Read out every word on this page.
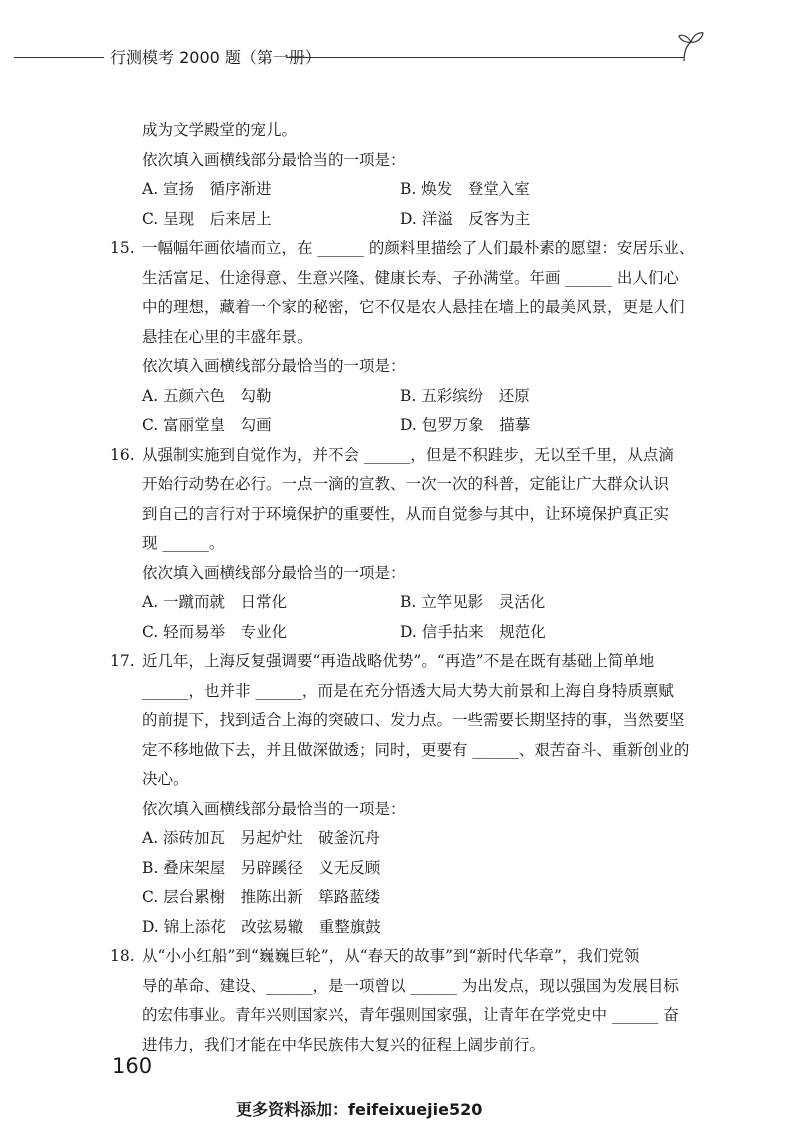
行测模考 2000 题（第一册）
成为文学殿堂的宠儿。
依次填入画横线部分最恰当的一项是：
A. 宣扬　循序渐进	B. 焕发　登堂入室
C. 呈现　后来居上	D. 洋溢　反客为主
15. 一幅幅年画依墙而立，在 ______ 的颜料里描绘了人们最朴素的愿望：安居乐业、
生活富足、仕途得意、生意兴隆、健康长寿、子孙满堂。年画 ______ 出人们心
中的理想，藏着一个家的秘密，它不仅是农人悬挂在墙上的最美风景，更是人们
悬挂在心里的丰盛年景。
依次填入画横线部分最恰当的一项是：
A. 五颜六色　勾勒	B. 五彩缤纷　还原
C. 富丽堂皇　勾画	D. 包罗万象　描摹
16. 从强制实施到自觉作为，并不会 ______，但是不积跬步，无以至千里，从点滴
开始行动势在必行。一点一滴的宣教、一次一次的科普，定能让广大群众认识
到自己的言行对于环境保护的重要性，从而自觉参与其中，让环境保护真正实
现 ______。
依次填入画横线部分最恰当的一项是：
A. 一蹴而就　日常化	B. 立竿见影　灵活化
C. 轻而易举　专业化	D. 信手拈来　规范化
17. 近几年，上海反复强调要“再造战略优势”。“再造”不是在既有基础上简单地
______，也并非 ______，而是在充分悟透大局大势大前景和上海自身特质禀赋
的前提下，找到适合上海的突破口、发力点。一些需要长期坚持的事，当然要坚
定不移地做下去，并且做深做透；同时，更要有 ______、艰苦奋斗、重新创业的
决心。
依次填入画横线部分最恰当的一项是：
A. 添砖加瓦　另起炉灶　破釜沉舟
B. 叠床架屋　另辟蹊径　义无反顾
C. 层台累榭　推陈出新　筚路蓝缕
D. 锦上添花　改弦易辙　重整旗鼓
18. 从“小小红船”到“巍巍巨轮”，从“春天的故事”到“新时代华章”，我们党领
导的革命、建设、______，是一项曾以 ______ 为出发点，现以强国为发展目标
的宏伟事业。青年兴则国家兴，青年强则国家强，让青年在学党史中 ______ 奋
进伟力，我们才能在中华民族伟大复兴的征程上阔步前行。
160
更多资料添加：feifeixuejie520
